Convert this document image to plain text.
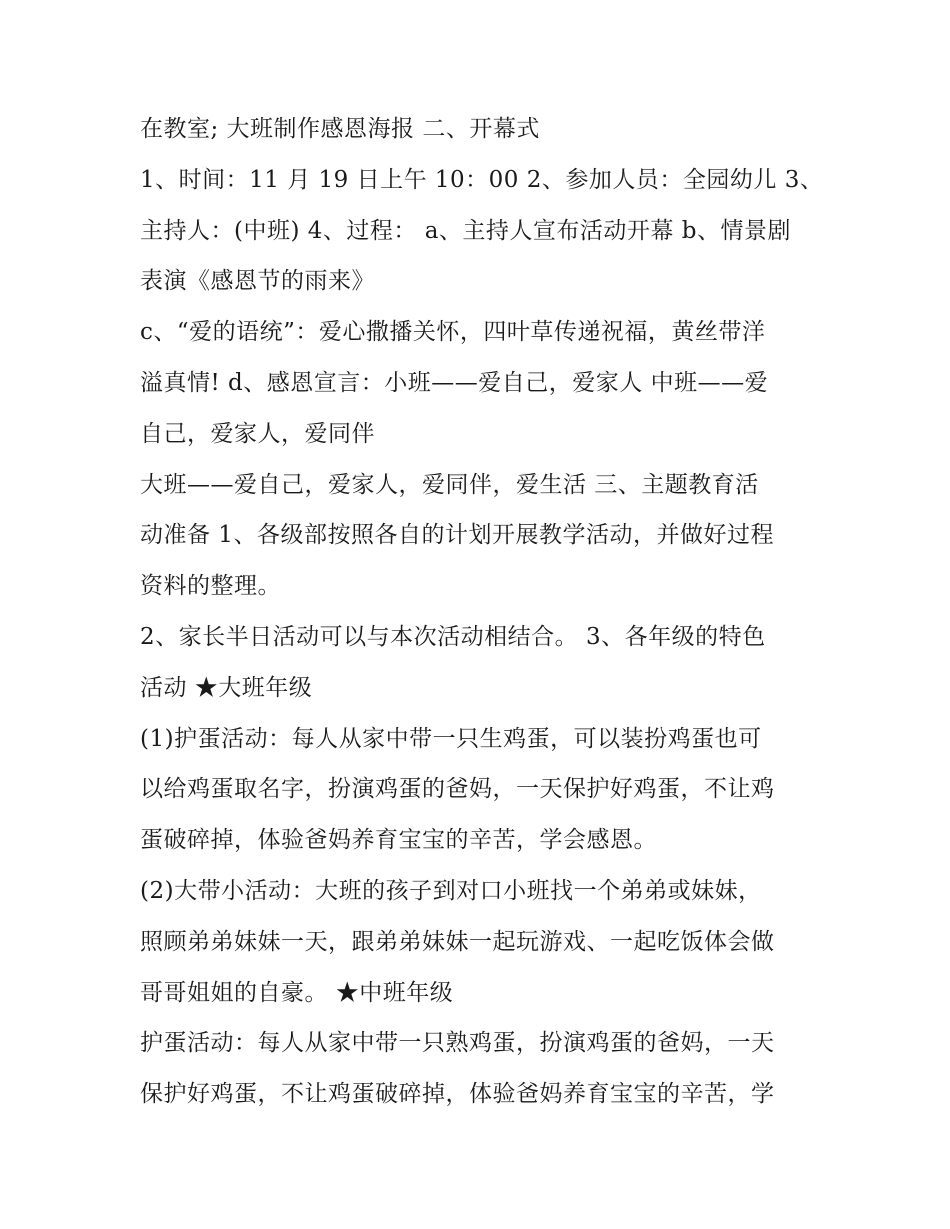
在教室; 大班制作感恩海报 二、开幕式
1、时间：11 月 19 日上午 10：00 2、参加人员：全园幼儿 3、
主持人：(中班) 4、过程： a、主持人宣布活动开幕 b、情景剧
表演《感恩节的雨来》
c、“爱的语统”：爱心撒播关怀，四叶草传递祝福，黄丝带洋
溢真情! d、感恩宣言：小班——爱自己，爱家人 中班——爱
自己，爱家人，爱同伴
大班——爱自己，爱家人，爱同伴，爱生活 三、主题教育活
动准备 1、各级部按照各自的计划开展教学活动，并做好过程
资料的整理。
2、家长半日活动可以与本次活动相结合。 3、各年级的特色
活动 ★大班年级
(1)护蛋活动：每人从家中带一只生鸡蛋，可以装扮鸡蛋也可
以给鸡蛋取名字，扮演鸡蛋的爸妈，一天保护好鸡蛋，不让鸡
蛋破碎掉，体验爸妈养育宝宝的辛苦，学会感恩。
(2)大带小活动：大班的孩子到对口小班找一个弟弟或妹妹，
照顾弟弟妹妹一天，跟弟弟妹妹一起玩游戏、一起吃饭体会做
哥哥姐姐的自豪。 ★中班年级
护蛋活动：每人从家中带一只熟鸡蛋，扮演鸡蛋的爸妈，一天
保护好鸡蛋，不让鸡蛋破碎掉，体验爸妈养育宝宝的辛苦，学
